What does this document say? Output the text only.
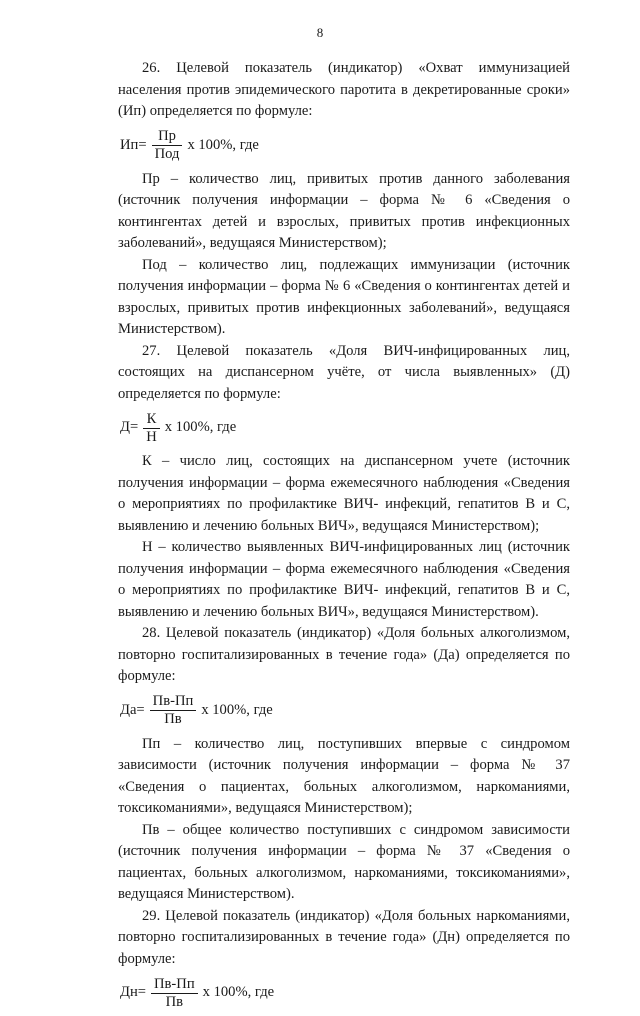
8

26. Целевой показатель (индикатор) «Охват иммунизацией населения против эпидемического паротита в декретированные сроки» (Ип) определяется по формуле:

$Ип= \frac{Пр}{\text{Под}}$ х 100%, где

Пр – количество лиц, привитых против данного заболевания (источник получения информации – форма № 6 «Сведения о контингентах детей и взрослых, привитых против инфекционных заболеваний», ведущаяся Министерством);

Под – количество лиц, подлежащих иммунизации (источник получения информации – форма № 6 «Сведения о контингентах детей и взрослых, привитых против инфекционных заболеваний», ведущаяся Министерством).

27. Целевой показатель «Доля ВИЧ-инфицированных лиц, состоящих на диспансерном учёте, от числа выявленных» (Д) определяется по формуле:

$Д= \frac{К}{Н}$ х 100%, где

К – число лиц, состоящих на диспансерном учете (источник получения информации – форма ежемесячного наблюдения «Сведения о мероприятиях по профилактике ВИЧ- инфекций, гепатитов В и С, выявлению и лечению больных ВИЧ», ведущаяся Министерством);

Н – количество выявленных ВИЧ-инфицированных лиц (источник получения информации – форма ежемесячного наблюдения «Сведения о мероприятиях по профилактике ВИЧ- инфекций, гепатитов В и С, выявлению и лечению больных ВИЧ», ведущаяся Министерством).

28. Целевой показатель (индикатор) «Доля больных алкоголизмом, повторно госпитализированных в течение года» (Да) определяется по формуле:

$Да= \frac{Пв-Пп}{Пв}$ х 100%, где

Пп – количество лиц, поступивших впервые с синдромом зависимости (источник получения информации – форма № 37 «Сведения о пациентах, больных алкоголизмом, наркоманиями, токсикоманиями», ведущаяся Министерством);

Пв – общее количество поступивших с синдромом зависимости (источник получения информации – форма № 37 «Сведения о пациентах, больных алкоголизмом, наркоманиями, токсикоманиями», ведущаяся Министерством).

29. Целевой показатель (индикатор) «Доля больных наркоманиями, повторно госпитализированных в течение года» (Дн) определяется по формуле:

$Дн= \frac{Пв-Пп}{Пв}$ х 100%, где
